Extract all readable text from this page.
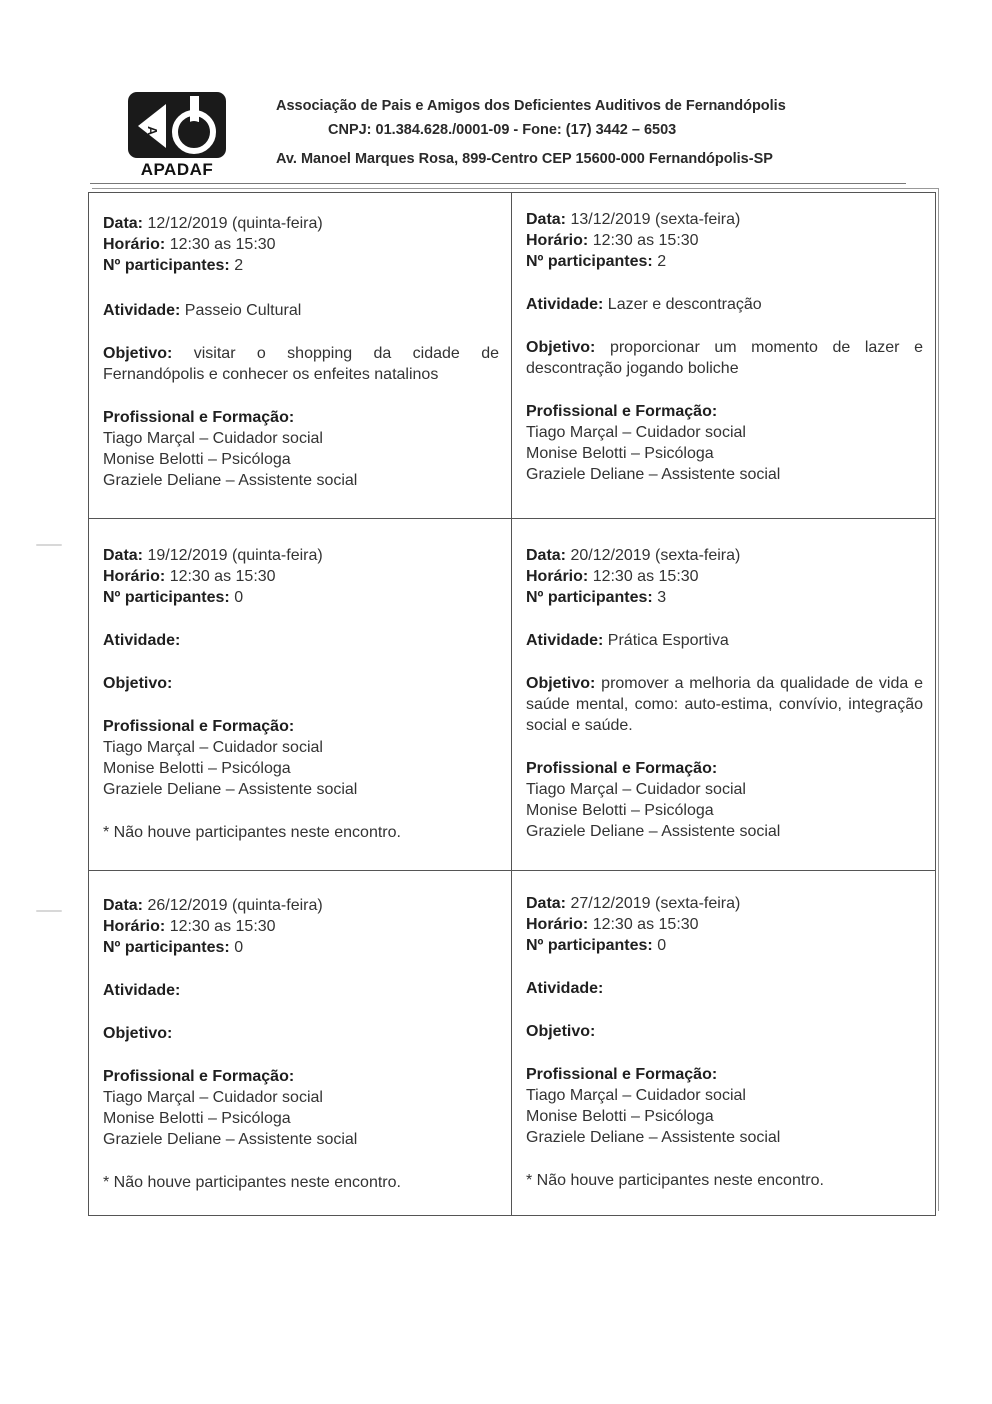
A
APADAF
Associação de Pais e Amigos dos Deficientes Auditivos de Fernandópolis
CNPJ: 01.384.628./0001-09 - Fone: (17) 3442 – 6503
Av. Manoel Marques Rosa, 899-Centro CEP 15600-000 Fernandópolis-SP
Data: 12/12/2019 (quinta-feira)
Horário: 12:30 as 15:30
Nº participantes: 2
Atividade: Passeio Cultural
Objetivo: visitar o shopping da cidade de Fernandópolis e conhecer os enfeites natalinos
Profissional e Formação:
Tiago Marçal – Cuidador social
Monise Belotti – Psicóloga
Graziele Deliane – Assistente social
Data: 13/12/2019 (sexta-feira)
Horário: 12:30 as 15:30
Nº participantes: 2
Atividade: Lazer e descontração
Objetivo: proporcionar um momento de lazer e descontração jogando boliche
Profissional e Formação:
Tiago Marçal – Cuidador social
Monise Belotti – Psicóloga
Graziele Deliane – Assistente social
Data: 19/12/2019 (quinta-feira)
Horário: 12:30 as 15:30
Nº participantes: 0
Atividade:
Objetivo:
Profissional e Formação:
Tiago Marçal – Cuidador social
Monise Belotti – Psicóloga
Graziele Deliane – Assistente social
* Não houve participantes neste encontro.
Data: 20/12/2019 (sexta-feira)
Horário: 12:30 as 15:30
Nº participantes: 3
Atividade: Prática Esportiva
Objetivo: promover a melhoria da qualidade de vida e saúde mental, como: auto-estima, convívio, integração social e saúde.
Profissional e Formação:
Tiago Marçal – Cuidador social
Monise Belotti – Psicóloga
Graziele Deliane – Assistente social
Data: 26/12/2019 (quinta-feira)
Horário: 12:30 as 15:30
Nº participantes: 0
Atividade:
Objetivo:
Profissional e Formação:
Tiago Marçal – Cuidador social
Monise Belotti – Psicóloga
Graziele Deliane – Assistente social
* Não houve participantes neste encontro.
Data: 27/12/2019 (sexta-feira)
Horário: 12:30 as 15:30
Nº participantes: 0
Atividade:
Objetivo:
Profissional e Formação:
Tiago Marçal – Cuidador social
Monise Belotti – Psicóloga
Graziele Deliane – Assistente social
* Não houve participantes neste encontro.
